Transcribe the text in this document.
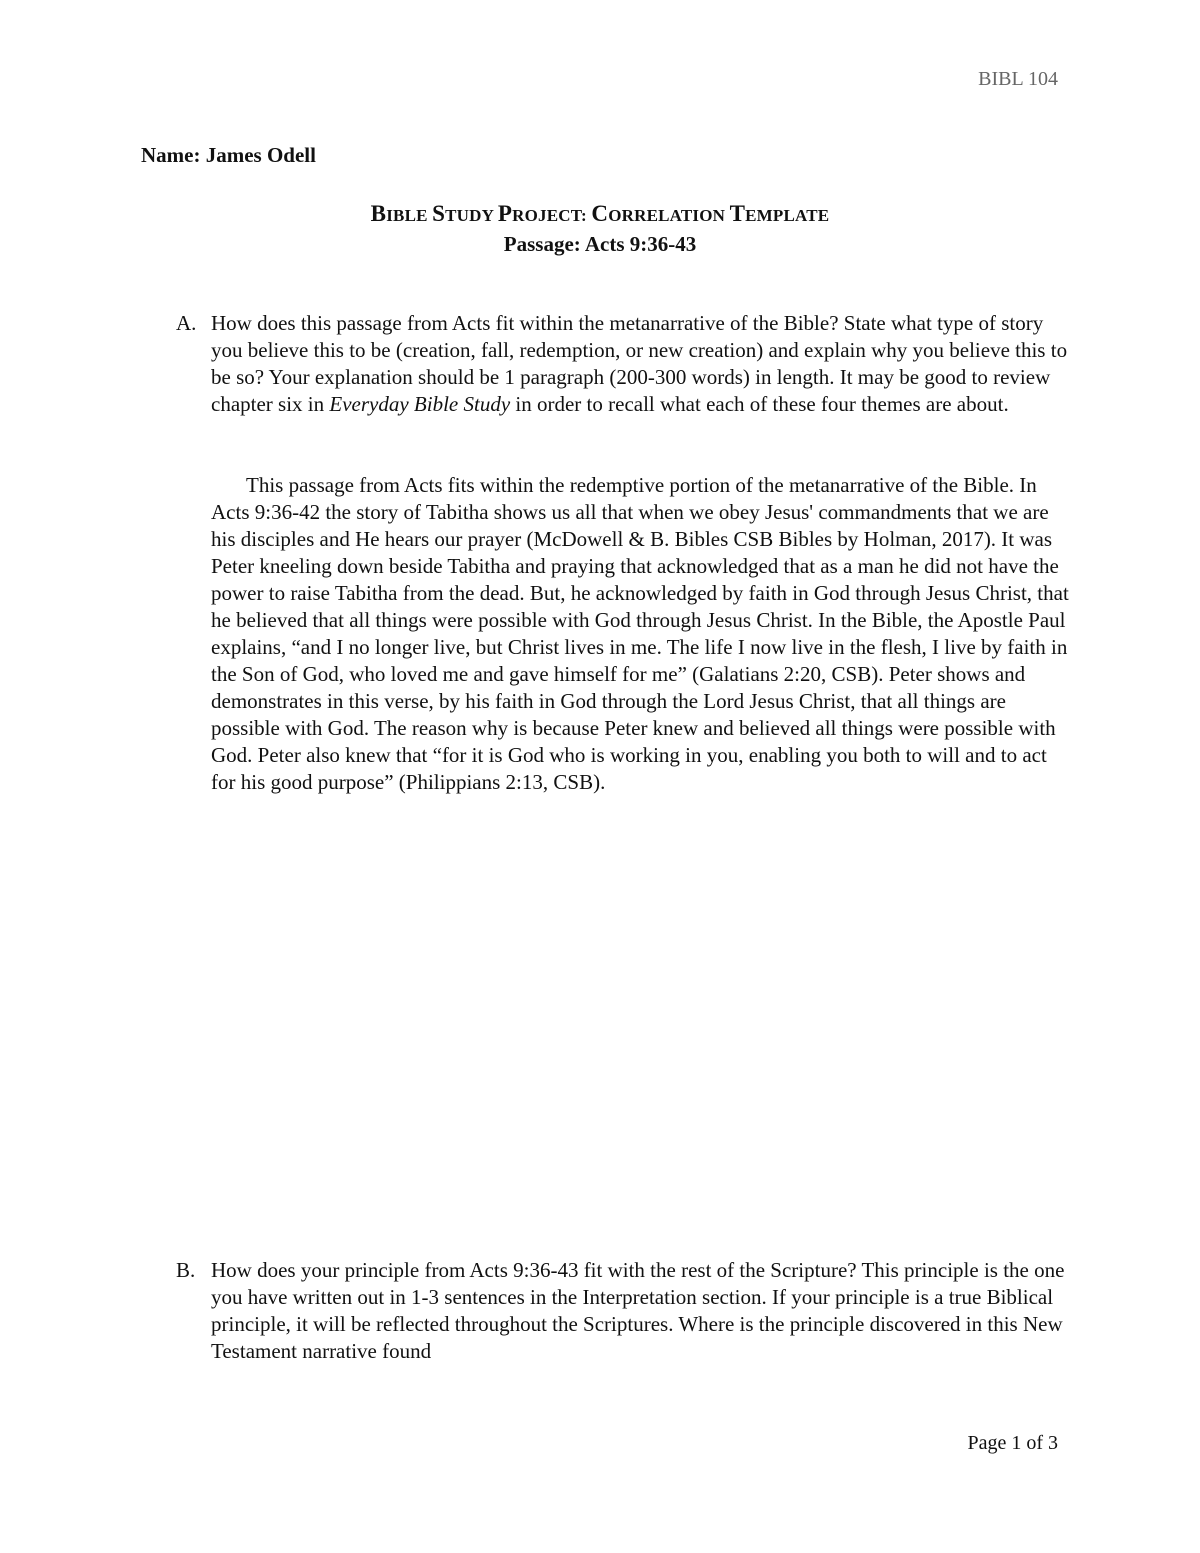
BIBL 104
Name: James Odell
BIBLE STUDY PROJECT: CORRELATION TEMPLATE
Passage: Acts 9:36-43
A. How does this passage from Acts fit within the metanarrative of the Bible? State what type of story you believe this to be (creation, fall, redemption, or new creation) and explain why you believe this to be so? Your explanation should be 1 paragraph (200-300 words) in length. It may be good to review chapter six in Everyday Bible Study in order to recall what each of these four themes are about.
This passage from Acts fits within the redemptive portion of the metanarrative of the Bible. In Acts 9:36-42 the story of Tabitha shows us all that when we obey Jesus' commandments that we are his disciples and He hears our prayer (McDowell & B. Bibles CSB Bibles by Holman, 2017). It was Peter kneeling down beside Tabitha and praying that acknowledged that as a man he did not have the power to raise Tabitha from the dead. But, he acknowledged by faith in God through Jesus Christ, that he believed that all things were possible with God through Jesus Christ. In the Bible, the Apostle Paul explains, “and I no longer live, but Christ lives in me. The life I now live in the flesh, I live by faith in the Son of God, who loved me and gave himself for me” (Galatians 2:20, CSB). Peter shows and demonstrates in this verse, by his faith in God through the Lord Jesus Christ, that all things are possible with God. The reason why is because Peter knew and believed all things were possible with God. Peter also knew that “for it is God who is working in you, enabling you both to will and to act for his good purpose” (Philippians 2:13, CSB).
B. How does your principle from Acts 9:36-43 fit with the rest of the Scripture? This principle is the one you have written out in 1-3 sentences in the Interpretation section. If your principle is a true Biblical principle, it will be reflected throughout the Scriptures. Where is the principle discovered in this New Testament narrative found
Page 1 of 3
